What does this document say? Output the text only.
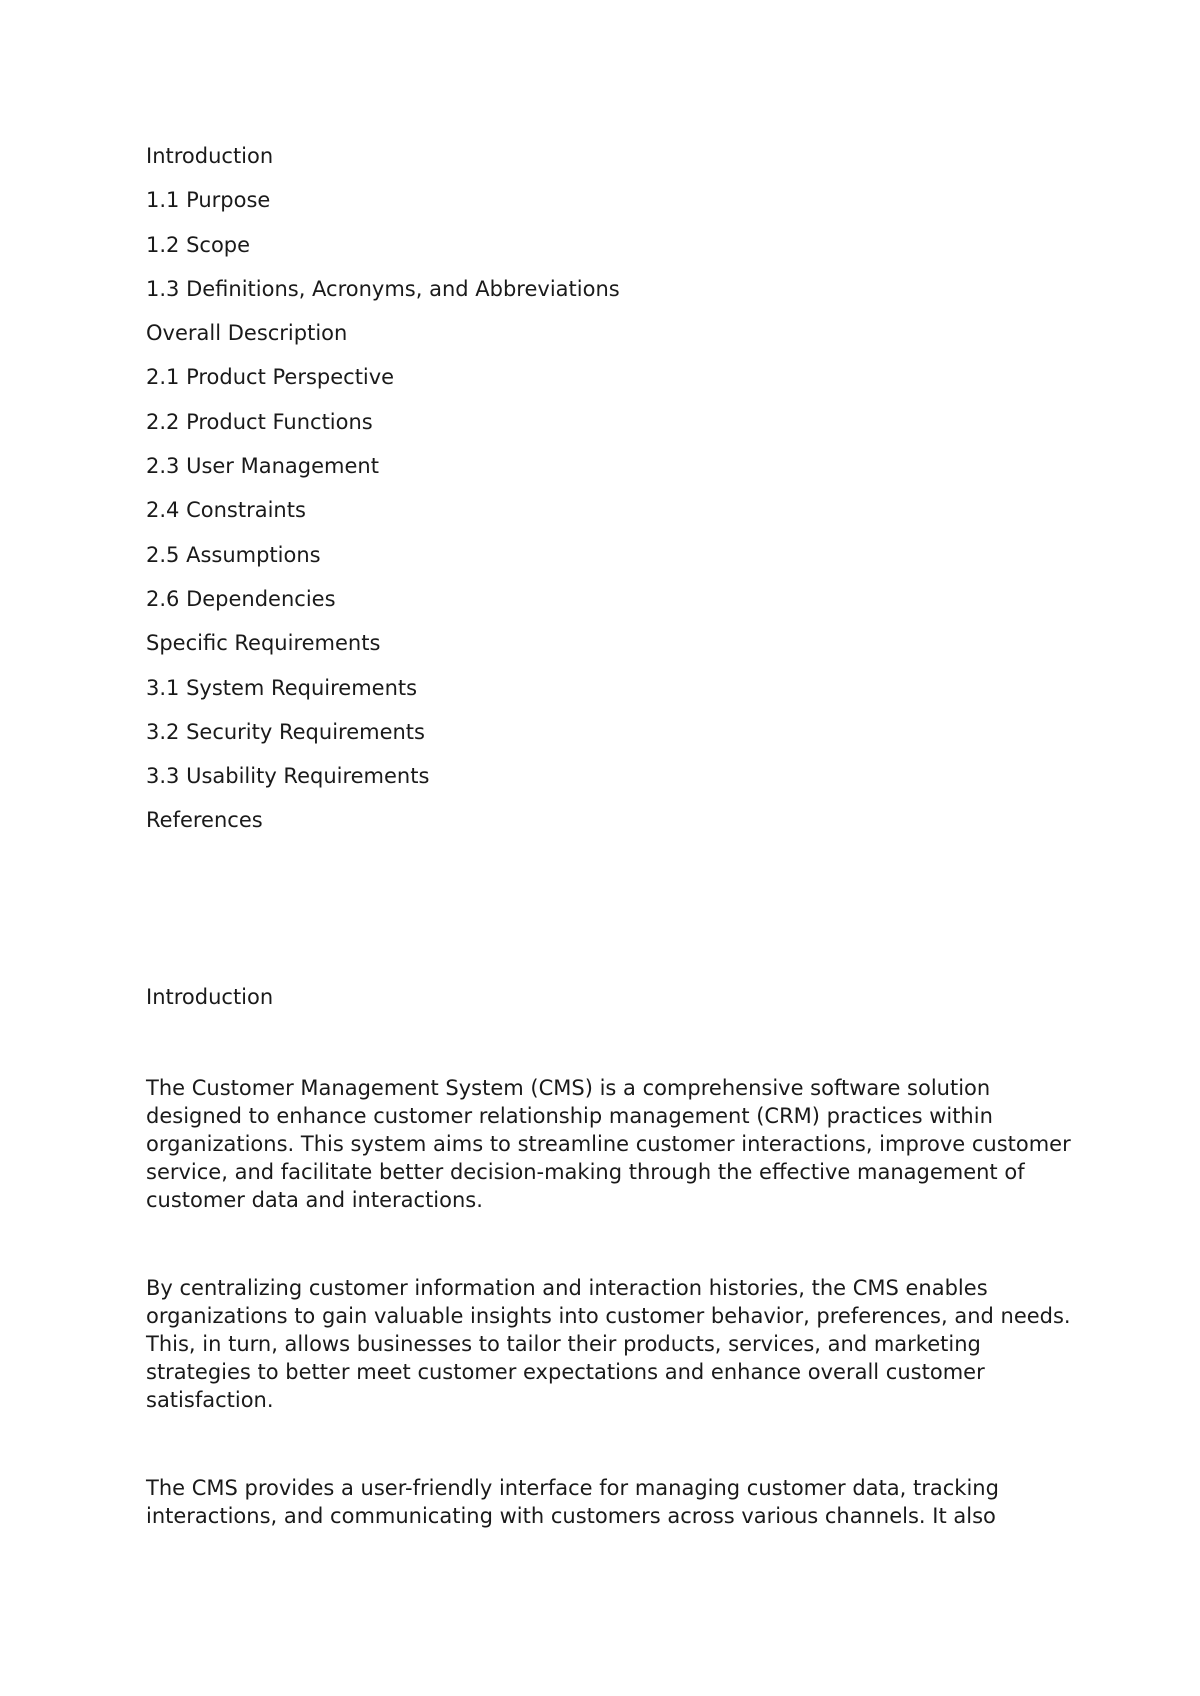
Introduction
1.1 Purpose
1.2 Scope
1.3 Definitions, Acronyms, and Abbreviations
Overall Description
2.1 Product Perspective
2.2 Product Functions
2.3 User Management
2.4 Constraints
2.5 Assumptions
2.6 Dependencies
Specific Requirements
3.1 System Requirements
3.2 Security Requirements
3.3 Usability Requirements
References
Introduction

The Customer Management System (CMS) is a comprehensive software solution designed to enhance customer relationship management (CRM) practices within organizations. This system aims to streamline customer interactions, improve customer service, and facilitate better decision-making through the effective management of customer data and interactions.

By centralizing customer information and interaction histories, the CMS enables organizations to gain valuable insights into customer behavior, preferences, and needs. This, in turn, allows businesses to tailor their products, services, and marketing strategies to better meet customer expectations and enhance overall customer satisfaction.

The CMS provides a user-friendly interface for managing customer data, tracking interactions, and communicating with customers across various channels. It also
